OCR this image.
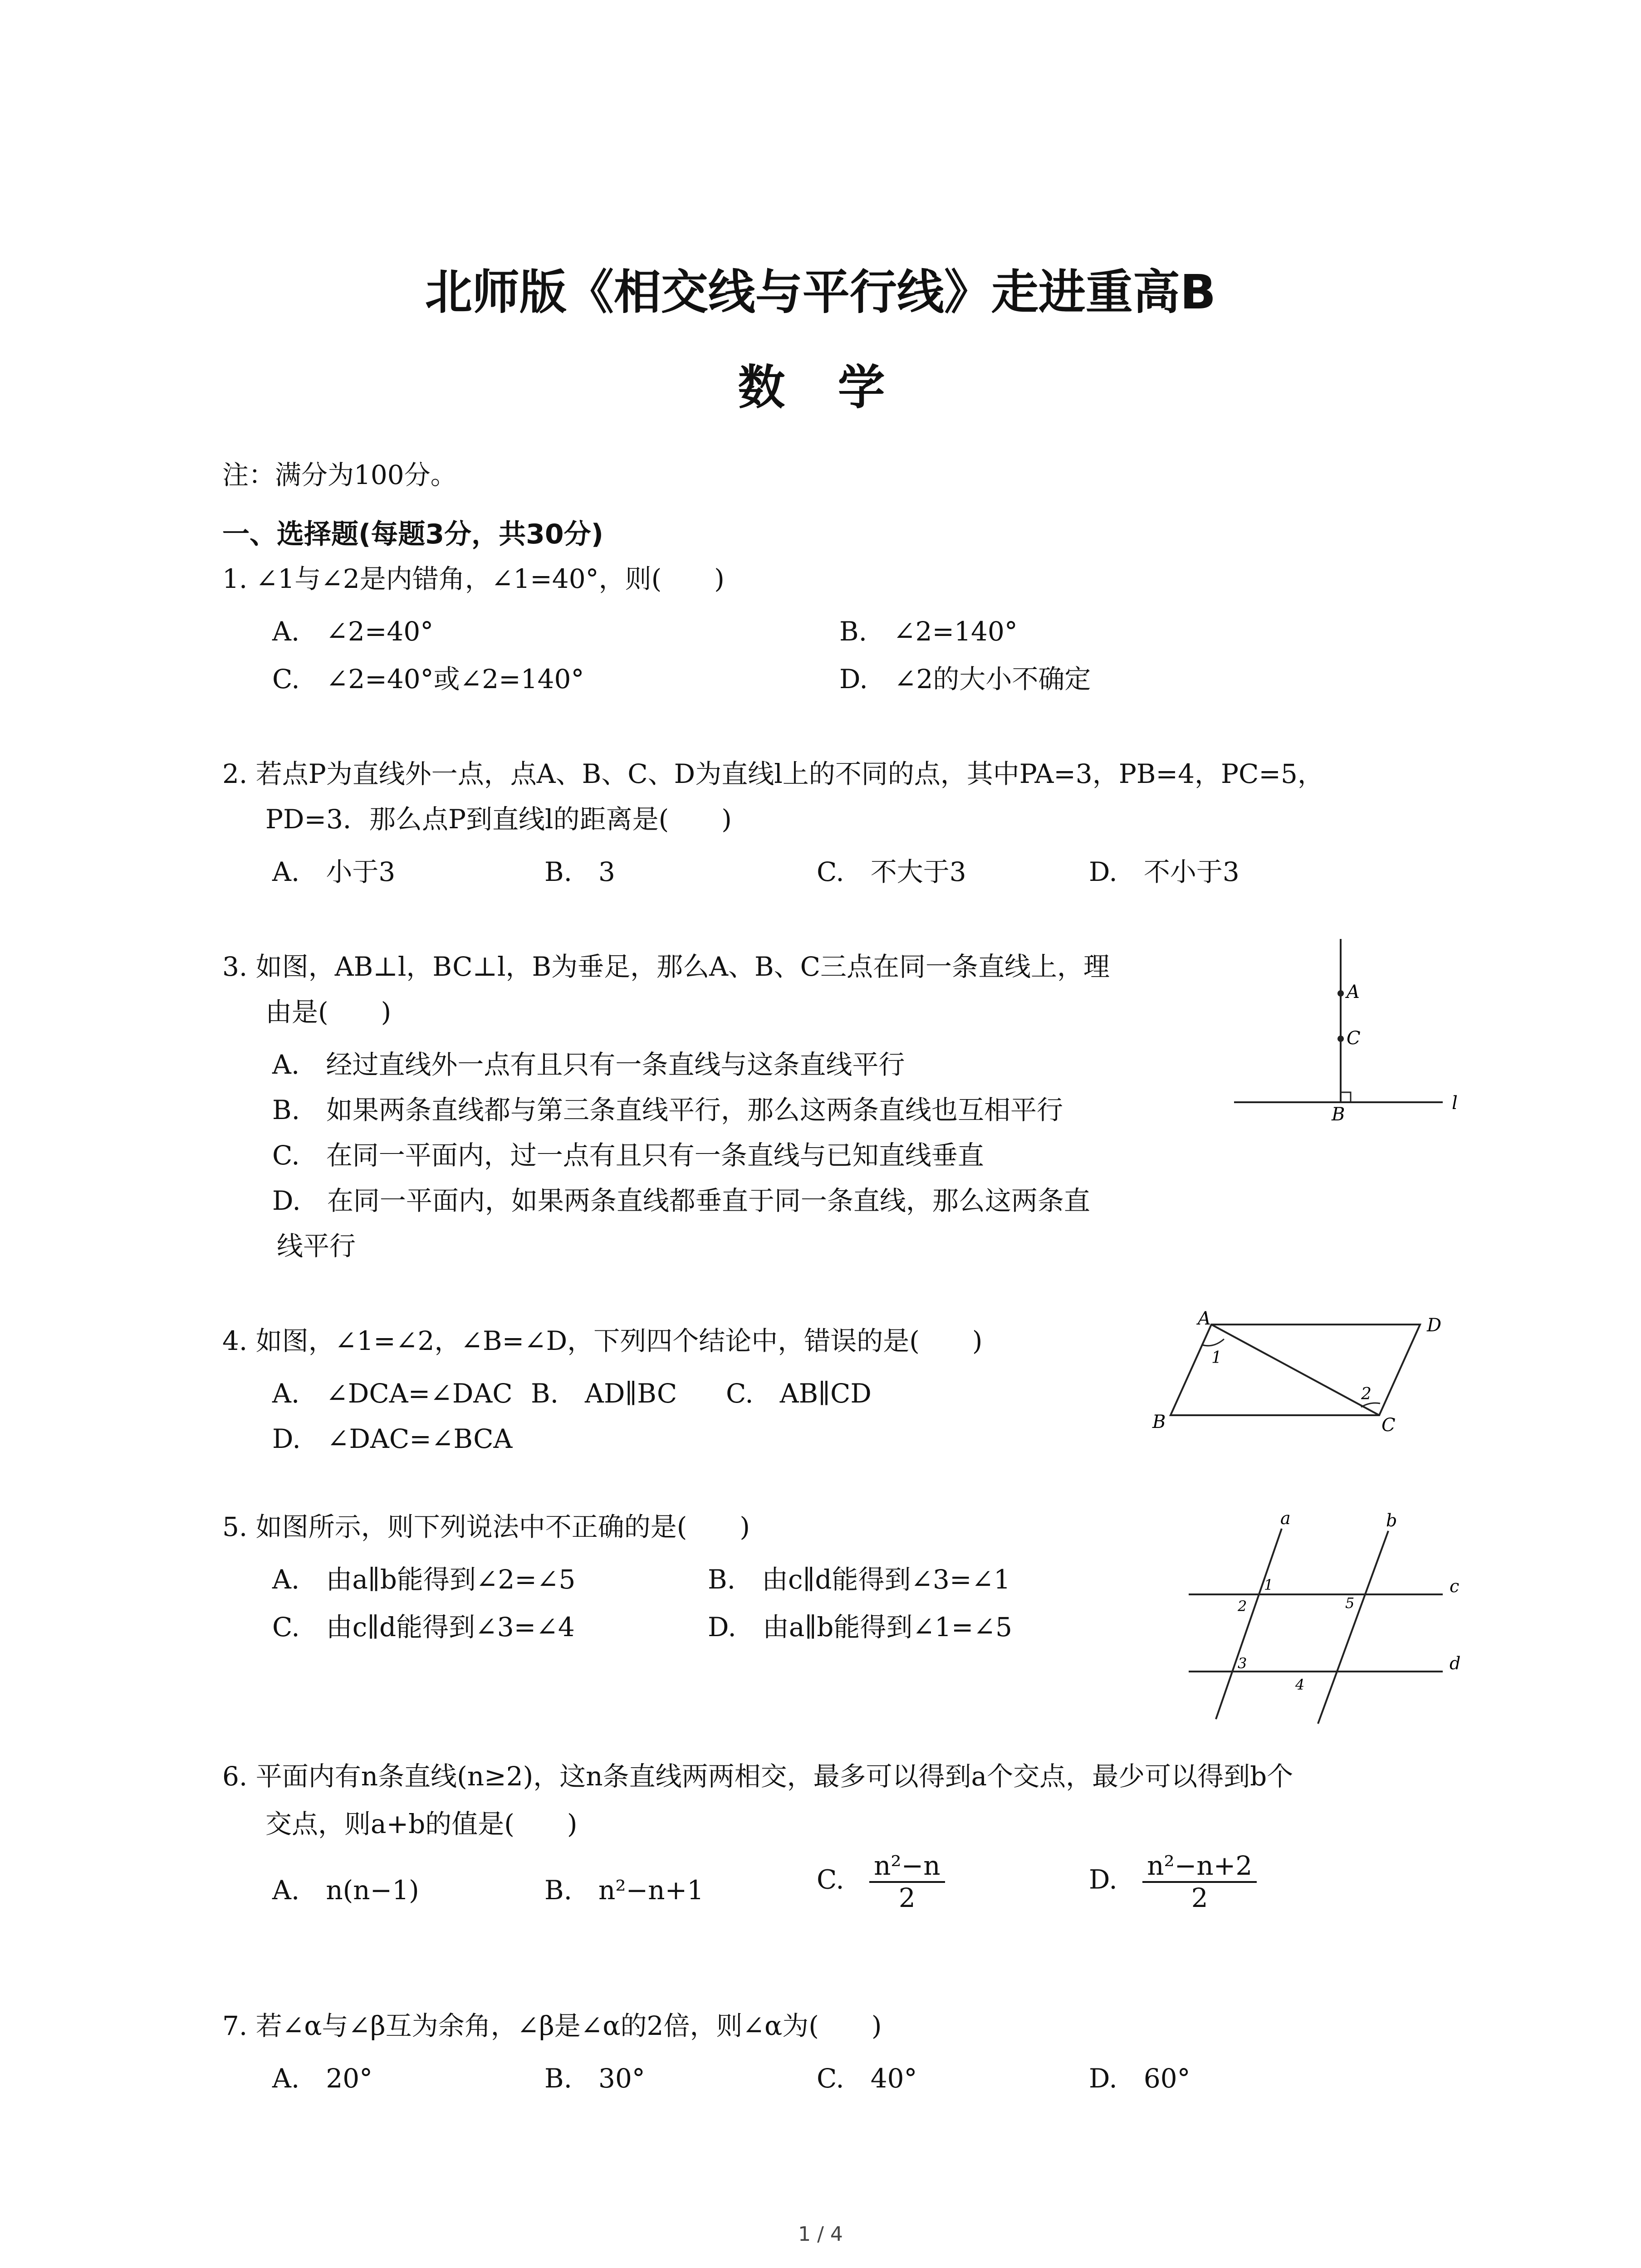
北师版《相交线与平行线》走进重高B
数 学
注：满分为100分。
一、选择题(每题3分，共30分)
1. ∠1与∠2是内错角，∠1=40°，则(　　)
A.　∠2=40°	B.　∠2=140°
C.　∠2=40°或∠2=140°	D.　∠2的大小不确定
2. 若点P为直线外一点，点A、B、C、D为直线l上的不同的点，其中PA=3，PB=4，PC=5，
PD=3．那么点P到直线l的距离是(　　)
A.　小于3	B.　3	C.　不大于3	D.　不小于3
3. 如图，AB⊥l，BC⊥l，B为垂足，那么A、B、C三点在同一条直线上，理
由是(　　)
A.　经过直线外一点有且只有一条直线与这条直线平行
B.　如果两条直线都与第三条直线平行，那么这两条直线也互相平行
C.　在同一平面内，过一点有且只有一条直线与已知直线垂直
D.　在同一平面内，如果两条直线都垂直于同一条直线，那么这两条直
线平行
A
C
B
l
4. 如图，∠1=∠2，∠B=∠D，下列四个结论中，错误的是(　　)
A.　∠DCA=∠DAC B.　AD∥BC C.　AB∥CD
D.　∠DAC=∠BCA
A	D
B	C
1
2
5. 如图所示，则下列说法中不正确的是(　　)
A.　由a∥b能得到∠2=∠5	B.　由c∥d能得到∠3=∠1
C.　由c∥d能得到∠3=∠4	D.　由a∥b能得到∠1=∠5
a	b
c
d
1
2
3
4
5
6. 平面内有n条直线(n≥2)，这n条直线两两相交，最多可以得到a个交点，最少可以得到b个
交点，则a+b的值是(　　)
A.　n(n−1)	B.　n²−n+1	C. $\frac{\text{n²−n}}{2}$	D. $\frac{\text{n²−n+2}}{2}$
7. 若∠α与∠β互为余角，∠β是∠α的2倍，则∠α为(　　)
A.　20°	B.　30°	C.　40°	D.　60°
1 / 4
